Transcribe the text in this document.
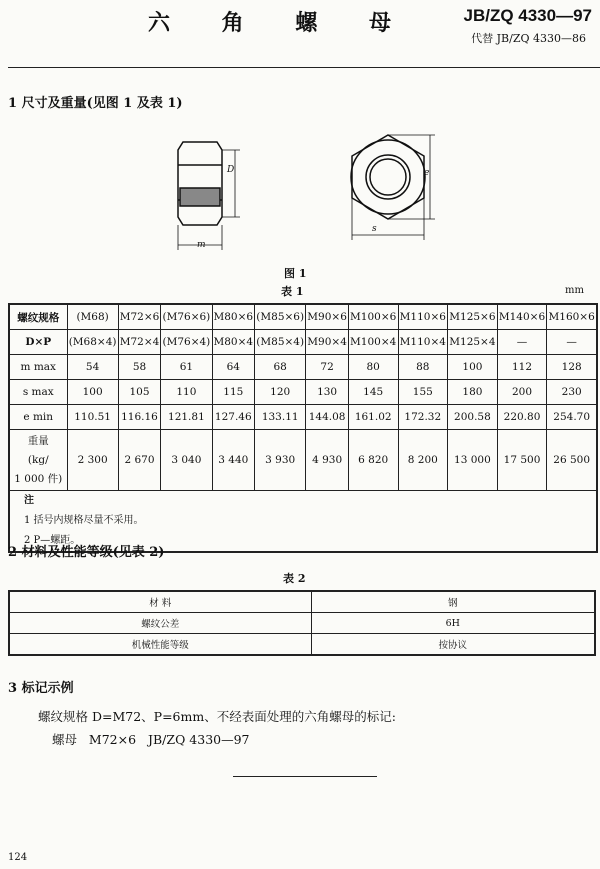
六 角 螺 母	JB/ZQ 4330—97
代替 JB/ZQ 4330—86
1 尺寸及重量(见图 1 及表 1)
D
m
e
s
图 1
表 1	mm
螺纹规格	(M68)	M72×6	(M76×6)	M80×6	(M85×6)	M90×6	M100×6	M110×6	M125×6	M140×6	M160×6
D×P	(M68×4)	M72×4	(M76×4)	M80×4	(M85×4)	M90×4	M100×4	M110×4	M125×4	—	—
m max	54	58	61	64	68	72	80	88	100	112	128
s max	100	105	110	115	120	130	145	155	180	200	230
e min	110.51	116.16	121.81	127.46	133.11	144.08	161.02	172.32	200.58	220.80	254.70
重量
(kg/
1 000 件)	2 300	2 670	3 040	3 440	3 930	4 930	6 820	8 200	13 000	17 500	26 500

注
1 括号内规格尽量不采用。
2 P—螺距。											
2 材料及性能等级(见表 2)
表 2
材 料	钢
螺纹公差	6H
机械性能等级	按协议
3 标记示例
螺纹规格 D=M72、P=6mm、不经表面处理的六角螺母的标记:
螺母   M72×6   JB/ZQ 4330—97
124
